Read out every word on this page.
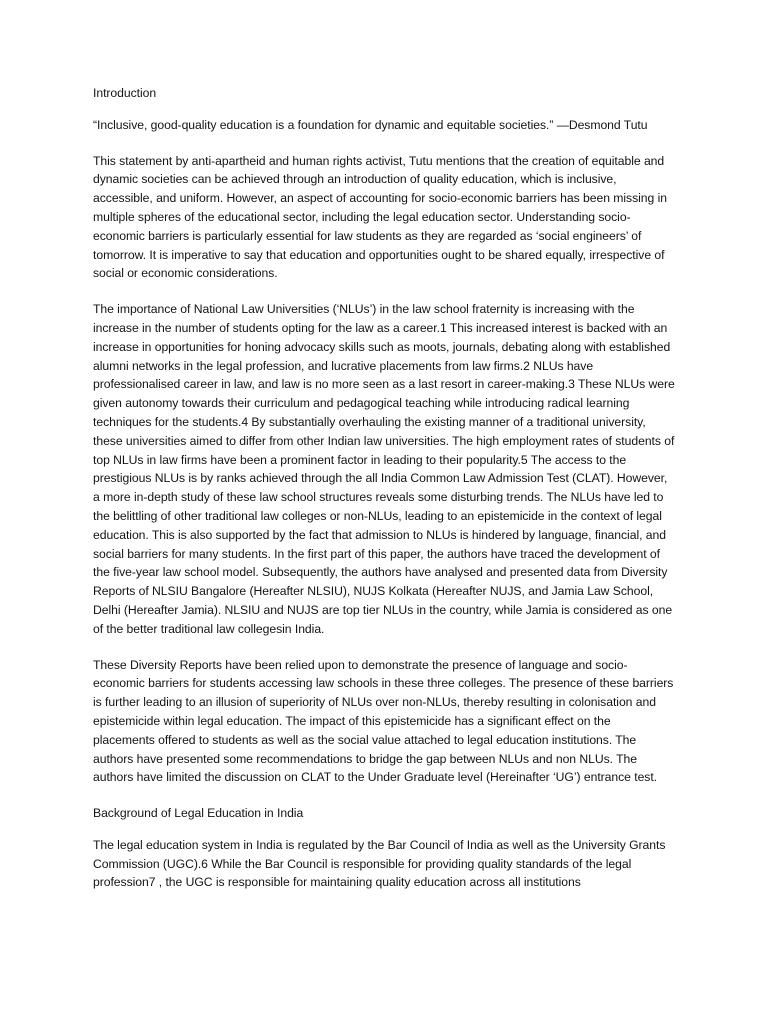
Introduction

“Inclusive, good-quality education is a foundation for dynamic and equitable societies.” —Desmond Tutu

This statement by anti-apartheid and human rights activist, Tutu mentions that the creation of equitable and dynamic societies can be achieved through an introduction of quality education, which is inclusive, accessible, and uniform. However, an aspect of accounting for socio-economic barriers has been missing in multiple spheres of the educational sector, including the legal education sector. Understanding socio-economic barriers is particularly essential for law students as they are regarded as ‘social engineers’ of tomorrow. It is imperative to say that education and opportunities ought to be shared equally, irrespective of social or economic considerations.

The importance of National Law Universities (‘NLUs’) in the law school fraternity is increasing with the increase in the number of students opting for the law as a career.1 This increased interest is backed with an increase in opportunities for honing advocacy skills such as moots, journals, debating along with established alumni networks in the legal profession, and lucrative placements from law firms.2 NLUs have professionalised career in law, and law is no more seen as a last resort in career-making.3 These NLUs were given autonomy towards their curriculum and pedagogical teaching while introducing radical learning techniques for the students.4 By substantially overhauling the existing manner of a traditional university, these universities aimed to differ from other Indian law universities. The high employment rates of students of top NLUs in law firms have been a prominent factor in leading to their popularity.5 The access to the prestigious NLUs is by ranks achieved through the all India Common Law Admission Test (CLAT). However, a more in-depth study of these law school structures reveals some disturbing trends. The NLUs have led to the belittling of other traditional law colleges or non-NLUs, leading to an epistemicide in the context of legal education. This is also supported by the fact that admission to NLUs is hindered by language, financial, and social barriers for many students. In the first part of this paper, the authors have traced the development of the five-year law school model. Subsequently, the authors have analysed and presented data from Diversity Reports of NLSIU Bangalore (Hereafter NLSIU), NUJS Kolkata (Hereafter NUJS, and Jamia Law School, Delhi (Hereafter Jamia). NLSIU and NUJS are top tier NLUs in the country, while Jamia is considered as one of the better traditional law collegesin India.

These Diversity Reports have been relied upon to demonstrate the presence of language and socio-economic barriers for students accessing law schools in these three colleges. The presence of these barriers is further leading to an illusion of superiority of NLUs over non-NLUs, thereby resulting in colonisation and epistemicide within legal education. The impact of this epistemicide has a significant effect on the placements offered to students as well as the social value attached to legal education institutions. The authors have presented some recommendations to bridge the gap between NLUs and non NLUs. The authors have limited the discussion on CLAT to the Under Graduate level (Hereinafter ‘UG’) entrance test.

Background of Legal Education in India

The legal education system in India is regulated by the Bar Council of India as well as the University Grants Commission (UGC).6 While the Bar Council is responsible for providing quality standards of the legal profession7 , the UGC is responsible for maintaining quality education across all institutions
